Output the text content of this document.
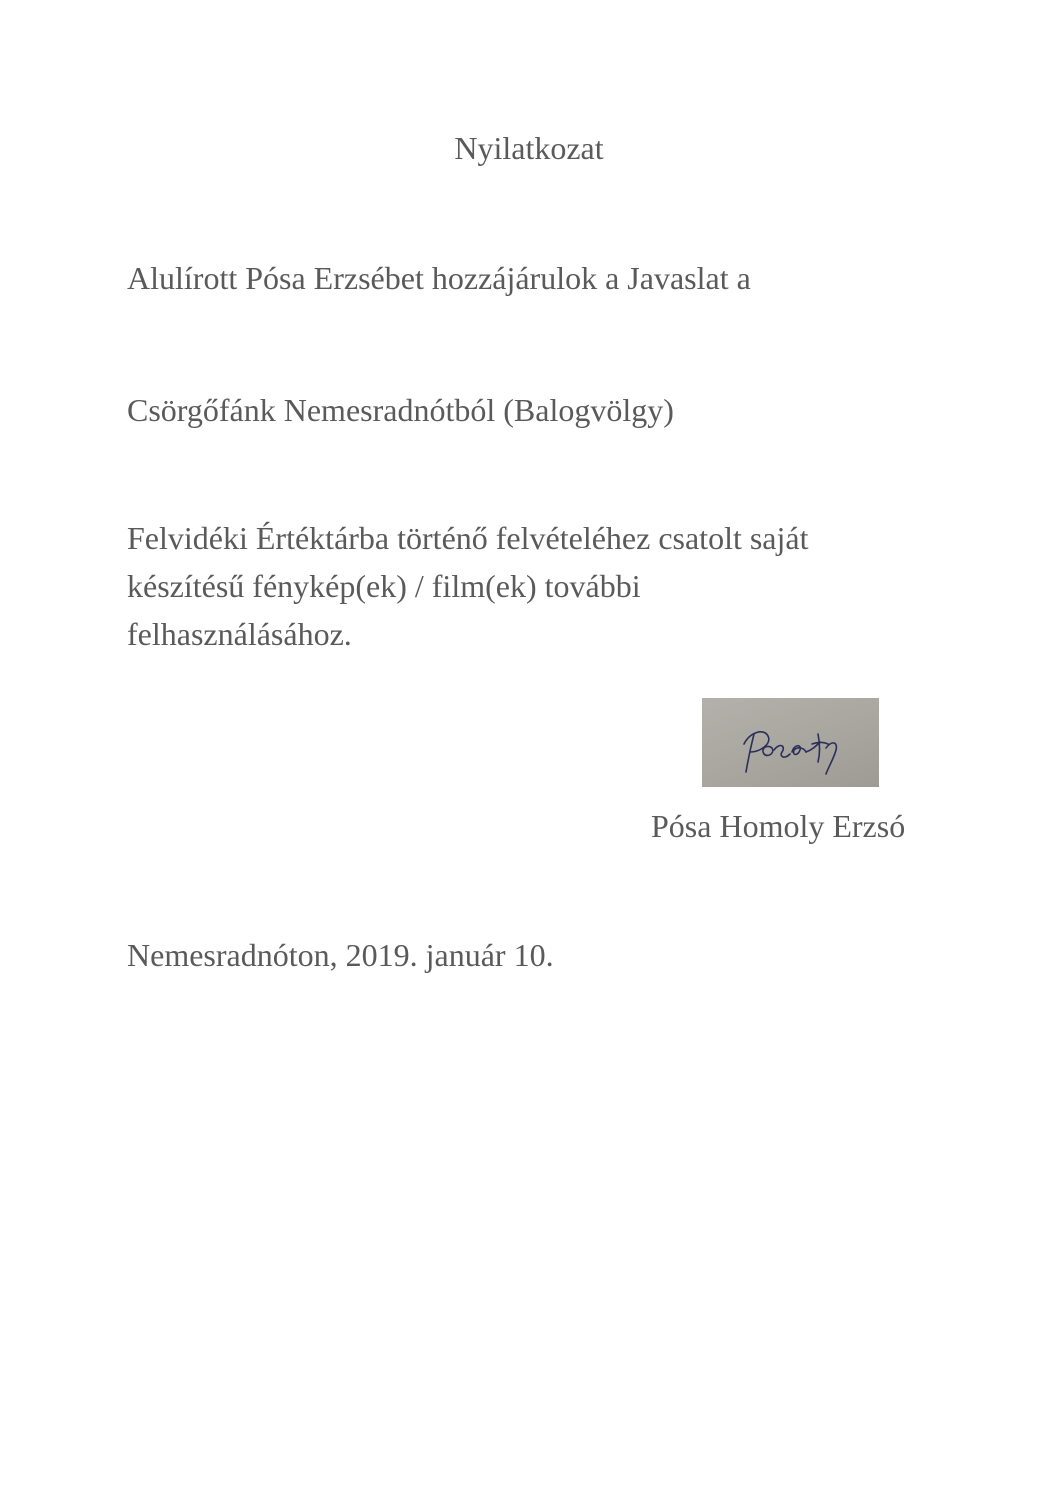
Nyilatkozat
Alulírott Pósa Erzsébet hozzájárulok a Javaslat a
Csörgőfánk Nemesradnótból (Balogvölgy)
Felvidéki Értéktárba történő felvételéhez csatolt saját
készítésű fénykép(ek) / film(ek) további
felhasználásához.
Pósa Homoly Erzsó
Nemesradnóton, 2019. január 10.
